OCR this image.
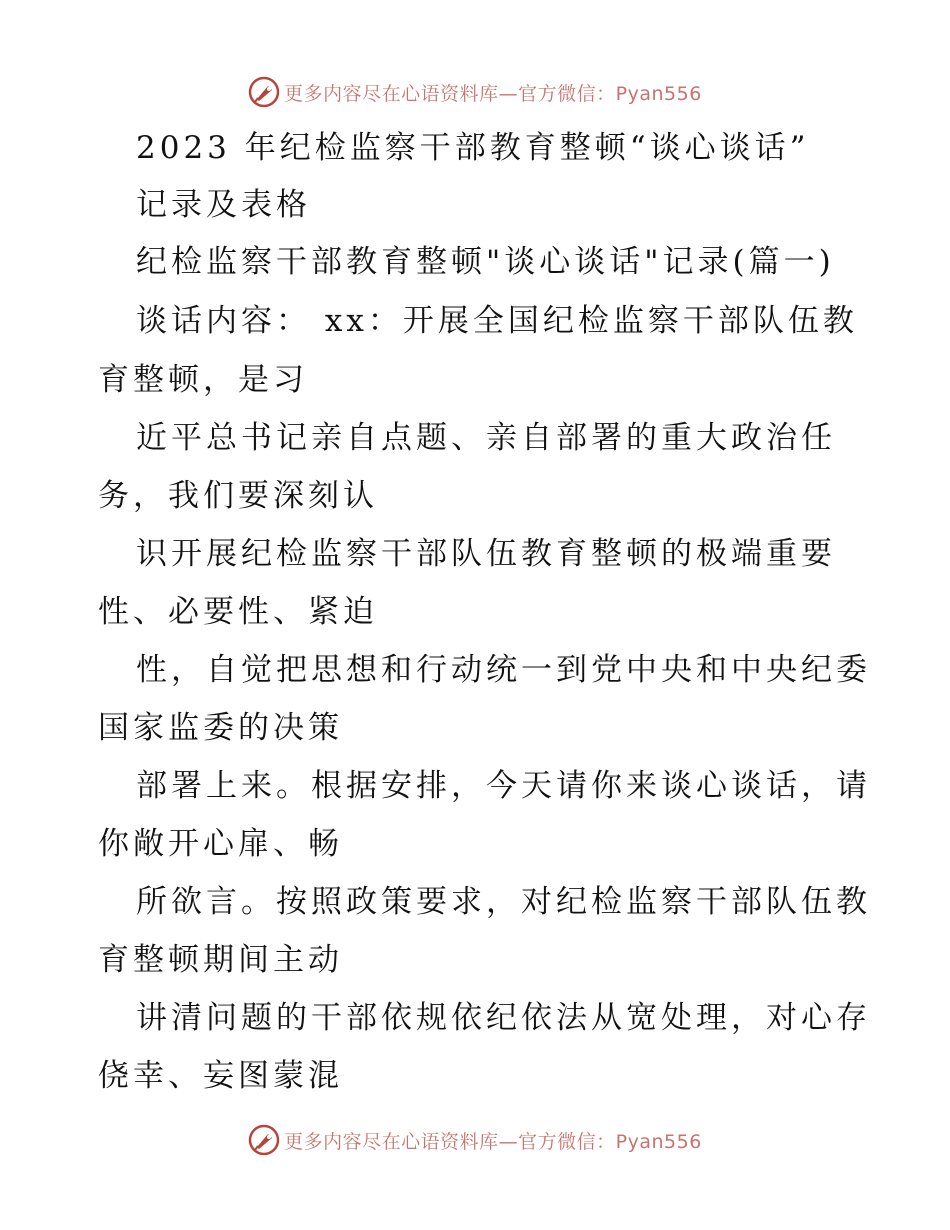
更多内容尽在心语资料库—官方微信：Pyan556
2023 年纪检监察干部教育整顿“谈心谈话”
记录及表格
纪检监察干部教育整顿"谈心谈话"记录(篇一)
谈话内容： xx：开展全国纪检监察干部队伍教
育整顿，是习
近平总书记亲自点题、亲自部署的重大政治任
务，我们要深刻认
识开展纪检监察干部队伍教育整顿的极端重要
性、必要性、紧迫
性，自觉把思想和行动统一到党中央和中央纪委
国家监委的决策
部署上来。根据安排，今天请你来谈心谈话，请
你敞开心扉、畅
所欲言。按照政策要求，对纪检监察干部队伍教
育整顿期间主动
讲清问题的干部依规依纪依法从宽处理，对心存
侥幸、妄图蒙混
更多内容尽在心语资料库—官方微信：Pyan556
